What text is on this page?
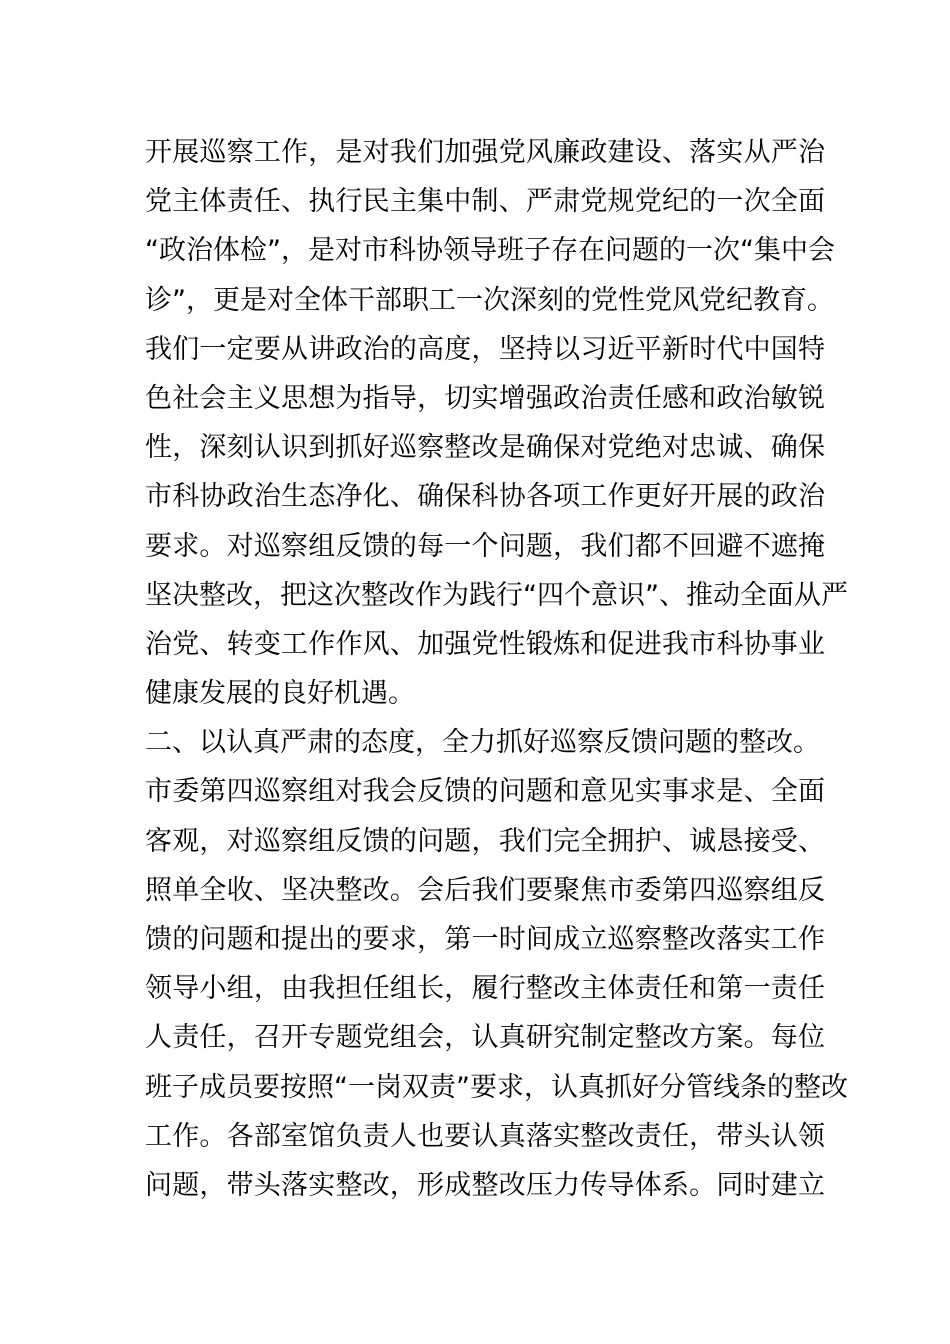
开展巡察工作，是对我们加强党风廉政建设、落实从严治
党主体责任、执行民主集中制、严肃党规党纪的一次全面
“政治体检”，是对市科协领导班子存在问题的一次“集中会
诊”，更是对全体干部职工一次深刻的党性党风党纪教育。
我们一定要从讲政治的高度，坚持以习近平新时代中国特
色社会主义思想为指导，切实增强政治责任感和政治敏锐
性，深刻认识到抓好巡察整改是确保对党绝对忠诚、确保
市科协政治生态净化、确保科协各项工作更好开展的政治
要求。对巡察组反馈的每一个问题，我们都不回避不遮掩
坚决整改，把这次整改作为践行“四个意识”、推动全面从严
治党、转变工作作风、加强党性锻炼和促进我市科协事业
健康发展的良好机遇。
二、以认真严肃的态度，全力抓好巡察反馈问题的整改。
市委第四巡察组对我会反馈的问题和意见实事求是、全面
客观，对巡察组反馈的问题，我们完全拥护、诚恳接受、
照单全收、坚决整改。会后我们要聚焦市委第四巡察组反
馈的问题和提出的要求，第一时间成立巡察整改落实工作
领导小组，由我担任组长，履行整改主体责任和第一责任
人责任，召开专题党组会，认真研究制定整改方案。每位
班子成员要按照“一岗双责”要求，认真抓好分管线条的整改
工作。各部室馆负责人也要认真落实整改责任，带头认领
问题，带头落实整改，形成整改压力传导体系。同时建立
